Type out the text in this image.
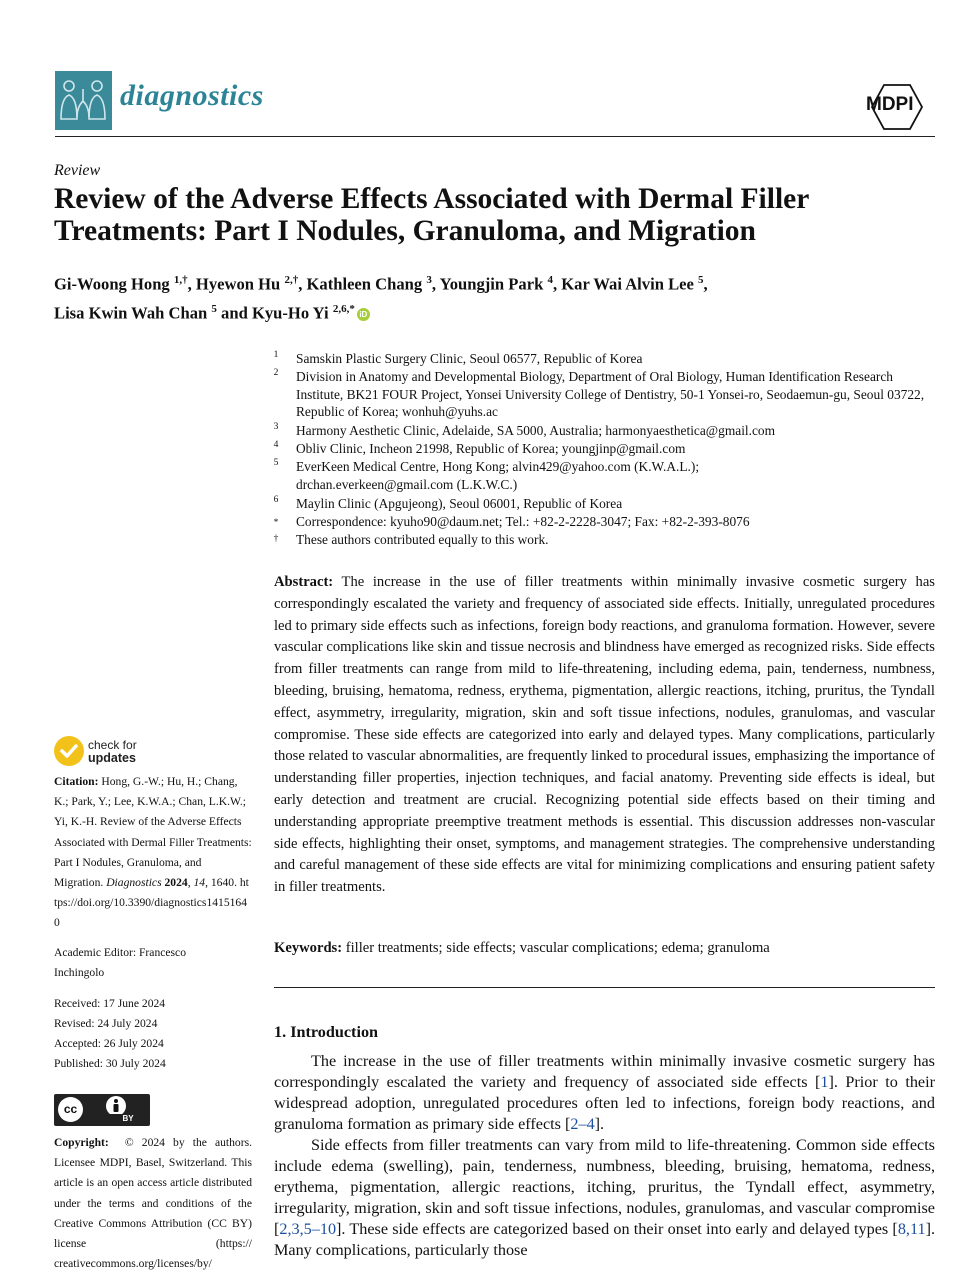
diagnostics	MDPI
Review
Review of the Adverse Effects Associated with Dermal Filler Treatments: Part I Nodules, Granuloma, and Migration
Gi-Woong Hong $^{1,\dagger}$, Hyewon Hu $^{2,\dagger}$, Kathleen Chang $^3$, Youngjin Park $^4$, Kar Wai Alvin Lee $^5$,
Lisa Kwin Wah Chan $^5$ and Kyu-Ho Yi $^{2,6,*}$iD
1 Samskin Plastic Surgery Clinic, Seoul 06577, Republic of Korea
2 Division in Anatomy and Developmental Biology, Department of Oral Biology, Human Identification Research Institute, BK21 FOUR Project, Yonsei University College of Dentistry, 50-1 Yonsei-ro, Seodaemun-gu, Seoul 03722, Republic of Korea; wonhuh@yuhs.ac
3 Harmony Aesthetic Clinic, Adelaide, SA 5000, Australia; harmonyaesthetica@gmail.com
4 Obliv Clinic, Incheon 21998, Republic of Korea; youngjinp@gmail.com
5 EverKeen Medical Centre, Hong Kong; alvin429@yahoo.com (K.W.A.L.); drchan.everkeen@gmail.com (L.K.W.C.)
6 Maylin Clinic (Apgujeong), Seoul 06001, Republic of Korea
* Correspondence: kyuho90@daum.net; Tel.: +82-2-2228-3047; Fax: +82-2-393-8076
† These authors contributed equally to this work.
Abstract: The increase in the use of filler treatments within minimally invasive cosmetic surgery has correspondingly escalated the variety and frequency of associated side effects. Initially, unregulated procedures led to primary side effects such as infections, foreign body reactions, and granuloma formation. However, severe vascular complications like skin and tissue necrosis and blindness have emerged as recognized risks. Side effects from filler treatments can range from mild to life-threatening, including edema, pain, tenderness, numbness, bleeding, bruising, hematoma, redness, erythema, pigmentation, allergic reactions, itching, pruritus, the Tyndall effect, asymmetry, irregularity, migration, skin and soft tissue infections, nodules, granulomas, and vascular compromise. These side effects are categorized into early and delayed types. Many complications, particularly those related to vascular abnormalities, are frequently linked to procedural issues, emphasizing the importance of understanding filler properties, injection techniques, and facial anatomy. Preventing side effects is ideal, but early detection and treatment are crucial. Recognizing potential side effects based on their timing and understanding appropriate preemptive treatment methods is essential. This discussion addresses non-vascular side effects, highlighting their onset, symptoms, and management strategies. The comprehensive understanding and careful management of these side effects are vital for minimizing complications and ensuring patient safety in filler treatments.
Keywords: filler treatments; side effects; vascular complications; edema; granuloma
check for
updates
Citation: Hong, G.-W.; Hu, H.; Chang, K.; Park, Y.; Lee, K.W.A.; Chan, L.K.W.; Yi, K.-H. Review of the Adverse Effects Associated with Dermal Filler Treatments: Part I Nodules, Granuloma, and Migration. Diagnostics 2024, 14, 1640. https://doi.org/10.3390/diagnostics14151640
Academic Editor: Francesco Inchingolo
Received: 17 June 2024
Revised: 24 July 2024
Accepted: 26 July 2024
Published: 30 July 2024
cc
BY
Copyright: © 2024 by the authors. Licensee MDPI, Basel, Switzerland. This article is an open access article distributed under the terms and conditions of the Creative Commons Attribution (CC BY) license (https:// creativecommons.org/licenses/by/
1. Introduction

The increase in the use of filler treatments within minimally invasive cosmetic surgery has correspondingly escalated the variety and frequency of associated side effects [1]. Prior to their widespread adoption, unregulated procedures often led to infections, foreign body reactions, and granuloma formation as primary side effects [2–4].

Side effects from filler treatments can vary from mild to life-threatening. Common side effects include edema (swelling), pain, tenderness, numbness, bleeding, bruising, hematoma, redness, erythema, pigmentation, allergic reactions, itching, pruritus, the Tyndall effect, asymmetry, irregularity, migration, skin and soft tissue infections, nodules, granulomas, and vascular compromise [2,3,5–10]. These side effects are categorized based on their onset into early and delayed types [8,11]. Many complications, particularly those
